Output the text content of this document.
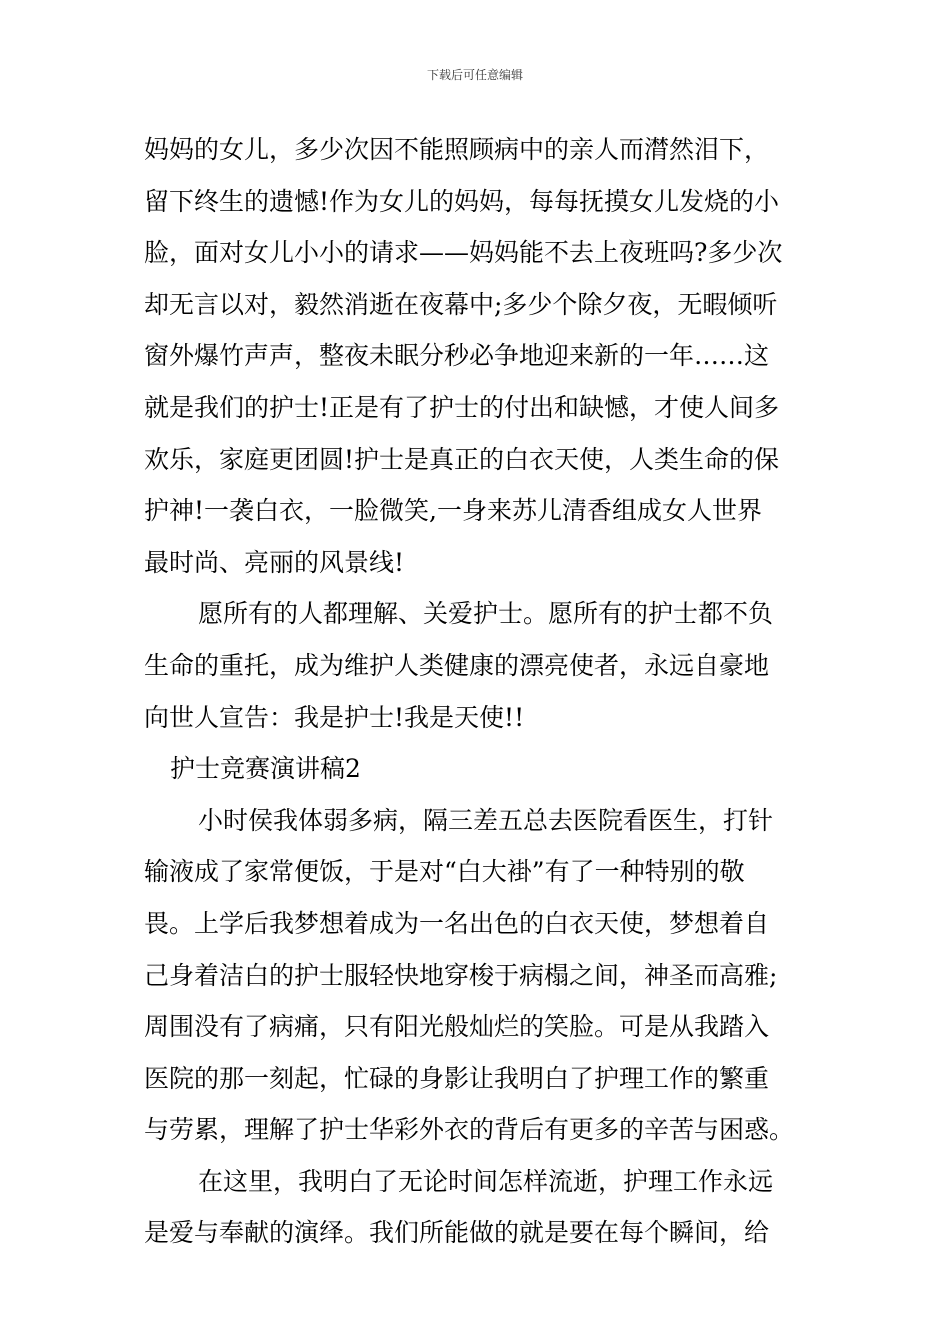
下载后可任意编辑
妈妈的女儿，多少次因不能照顾病中的亲人而潸然泪下，
留下终生的遗憾!作为女儿的妈妈，每每抚摸女儿发烧的小
脸，面对女儿小小的请求——妈妈能不去上夜班吗?多少次
却无言以对，毅然消逝在夜幕中;多少个除夕夜，无暇倾听
窗外爆竹声声，整夜未眠分秒必争地迎来新的一年……这
就是我们的护士!正是有了护士的付出和缺憾，才使人间多
欢乐，家庭更团圆!护士是真正的白衣天使，人类生命的保
护神!一袭白衣，一脸微笑,一身来苏儿清香组成女人世界
最时尚、亮丽的风景线!
愿所有的人都理解、关爱护士。愿所有的护士都不负
生命的重托，成为维护人类健康的漂亮使者，永远自豪地
向世人宣告：我是护士!我是天使!!
护士竞赛演讲稿2
小时侯我体弱多病，隔三差五总去医院看医生，打针
输液成了家常便饭，于是对“白大褂”有了一种特别的敬
畏。上学后我梦想着成为一名出色的白衣天使，梦想着自
己身着洁白的护士服轻快地穿梭于病榻之间，神圣而高雅;
周围没有了病痛，只有阳光般灿烂的笑脸。可是从我踏入
医院的那一刻起，忙碌的身影让我明白了护理工作的繁重
与劳累，理解了护士华彩外衣的背后有更多的辛苦与困惑。
在这里，我明白了无论时间怎样流逝，护理工作永远
是爱与奉献的演绎。我们所能做的就是要在每个瞬间，给
